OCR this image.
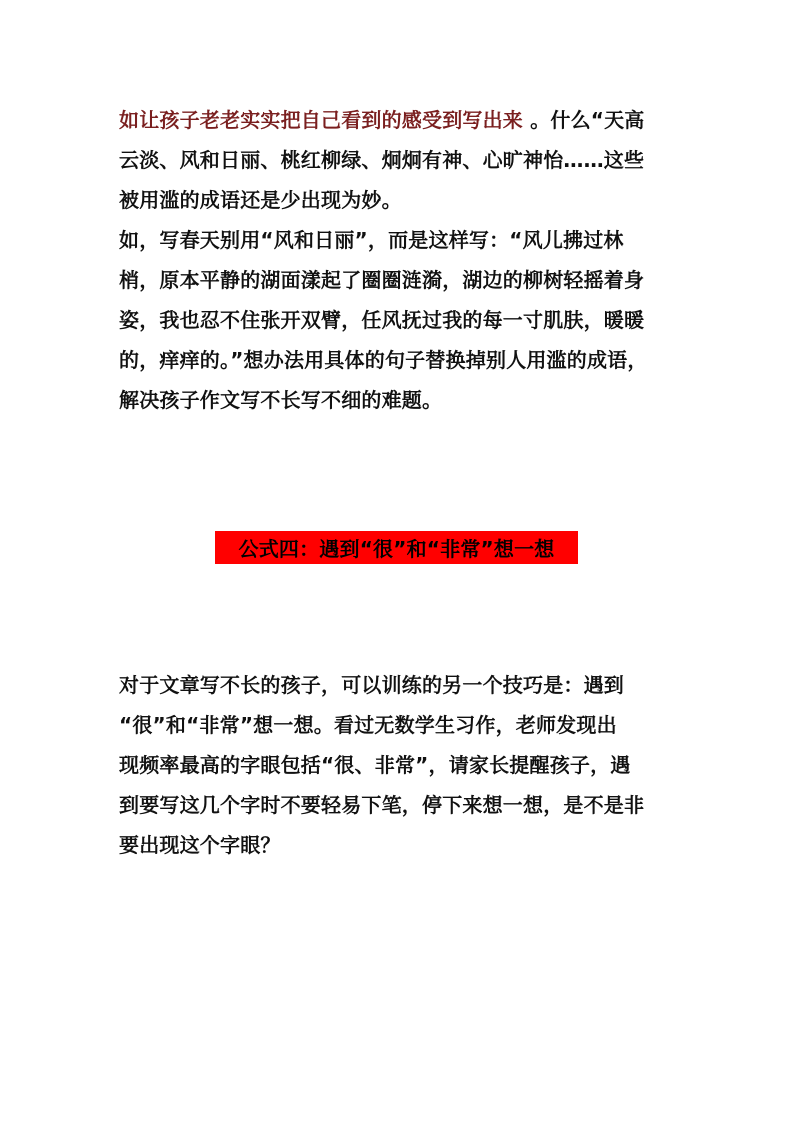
如让孩子老老实实把自己看到的感受到写出来 。什么“天高
云淡、风和日丽、桃红柳绿、炯炯有神、心旷神怡……这些
被用滥的成语还是少出现为妙。
如，写春天别用“风和日丽”，而是这样写：“风儿拂过林
梢，原本平静的湖面漾起了圈圈涟漪，湖边的柳树轻摇着身
姿，我也忍不住张开双臂，任风抚过我的每一寸肌肤，暖暖
的，痒痒的。”想办法用具体的句子替换掉别人用滥的成语，
解决孩子作文写不长写不细的难题。
公式四：遇到“很”和“非常”想一想
对于文章写不长的孩子，可以训练的另一个技巧是：遇到
“很”和“非常”想一想。看过无数学生习作，老师发现出
现频率最高的字眼包括“很、非常”，请家长提醒孩子，遇
到要写这几个字时不要轻易下笔，停下来想一想，是不是非
要出现这个字眼？
